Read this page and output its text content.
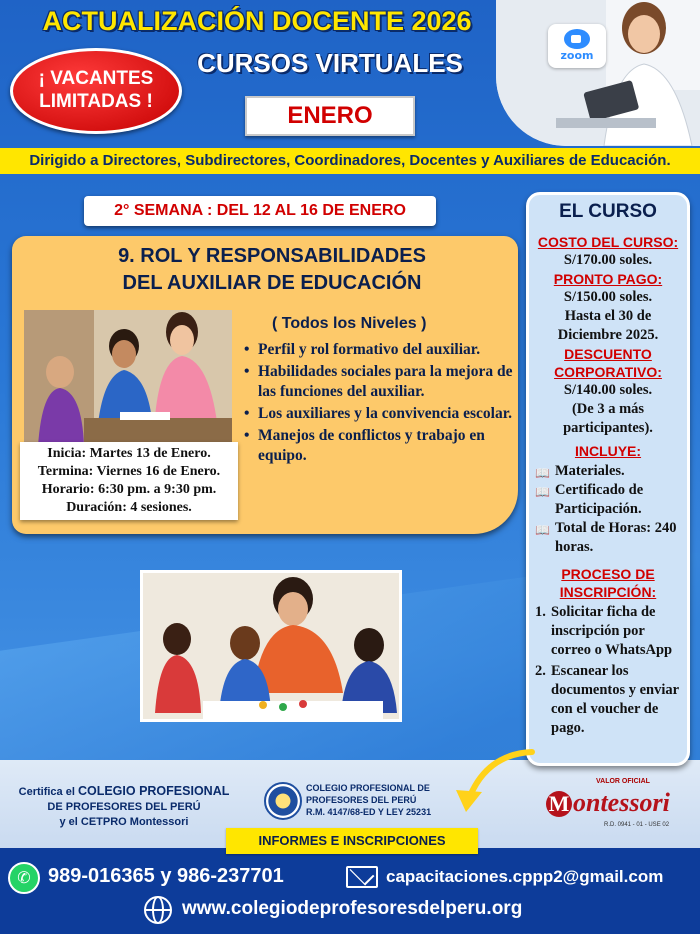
ACTUALIZACIÓN DOCENTE 2026
CURSOS VIRTUALES
¡ VACANTES
LIMITADAS !
ENERO
zoom
Dirigido a Directores, Subdirectores, Coordinadores, Docentes y Auxiliares de Educación.
2° SEMANA : DEL 12 AL 16 DE ENERO
9. ROL Y RESPONSABILIDADES
DEL AUXILIAR DE EDUCACIÓN
Inicia: Martes 13 de Enero.
Termina: Viernes 16 de Enero.
Horario: 6:30 pm. a 9:30 pm.
Duración: 4 sesiones.
( Todos los Niveles )
• Perfil y rol formativo del auxiliar.
• Habilidades sociales para la mejora de las funciones del auxiliar.
• Los auxiliares y la convivencia escolar.
• Manejos de conflictos y trabajo en equipo.
EL CURSO
COSTO DEL CURSO:
S/170.00 soles.
PRONTO PAGO:
S/150.00 soles.
Hasta el 30 de Diciembre 2025.
DESCUENTO
CORPORATIVO:
S/140.00 soles.
(De 3 a más participantes).
INCLUYE:
📖 Materiales.
📖 Certificado de Participación.
📖 Total de Horas: 240 horas.
PROCESO DE
INSCRIPCIÓN:
1. Solicitar ficha de inscripción por correo o WhatsApp
2. Escanear los documentos y enviar con el voucher de pago.
Certifica el COLEGIO PROFESIONAL
DE PROFESORES DEL PERÚ
y el CETPRO Montessori
COLEGIO PROFESIONAL DE
PROFESORES DEL PERÚ
R.M. 4147/68-ED Y LEY 25231
VALOR OFICIAL
M ontessori
R.D. 0941 - 01 - USE 02
INFORMES E INSCRIPCIONES
✆ 989-016365 y 986-237701	capacitaciones.cppp2@gmail.com
www.colegiodeprofesoresdelperu.org
